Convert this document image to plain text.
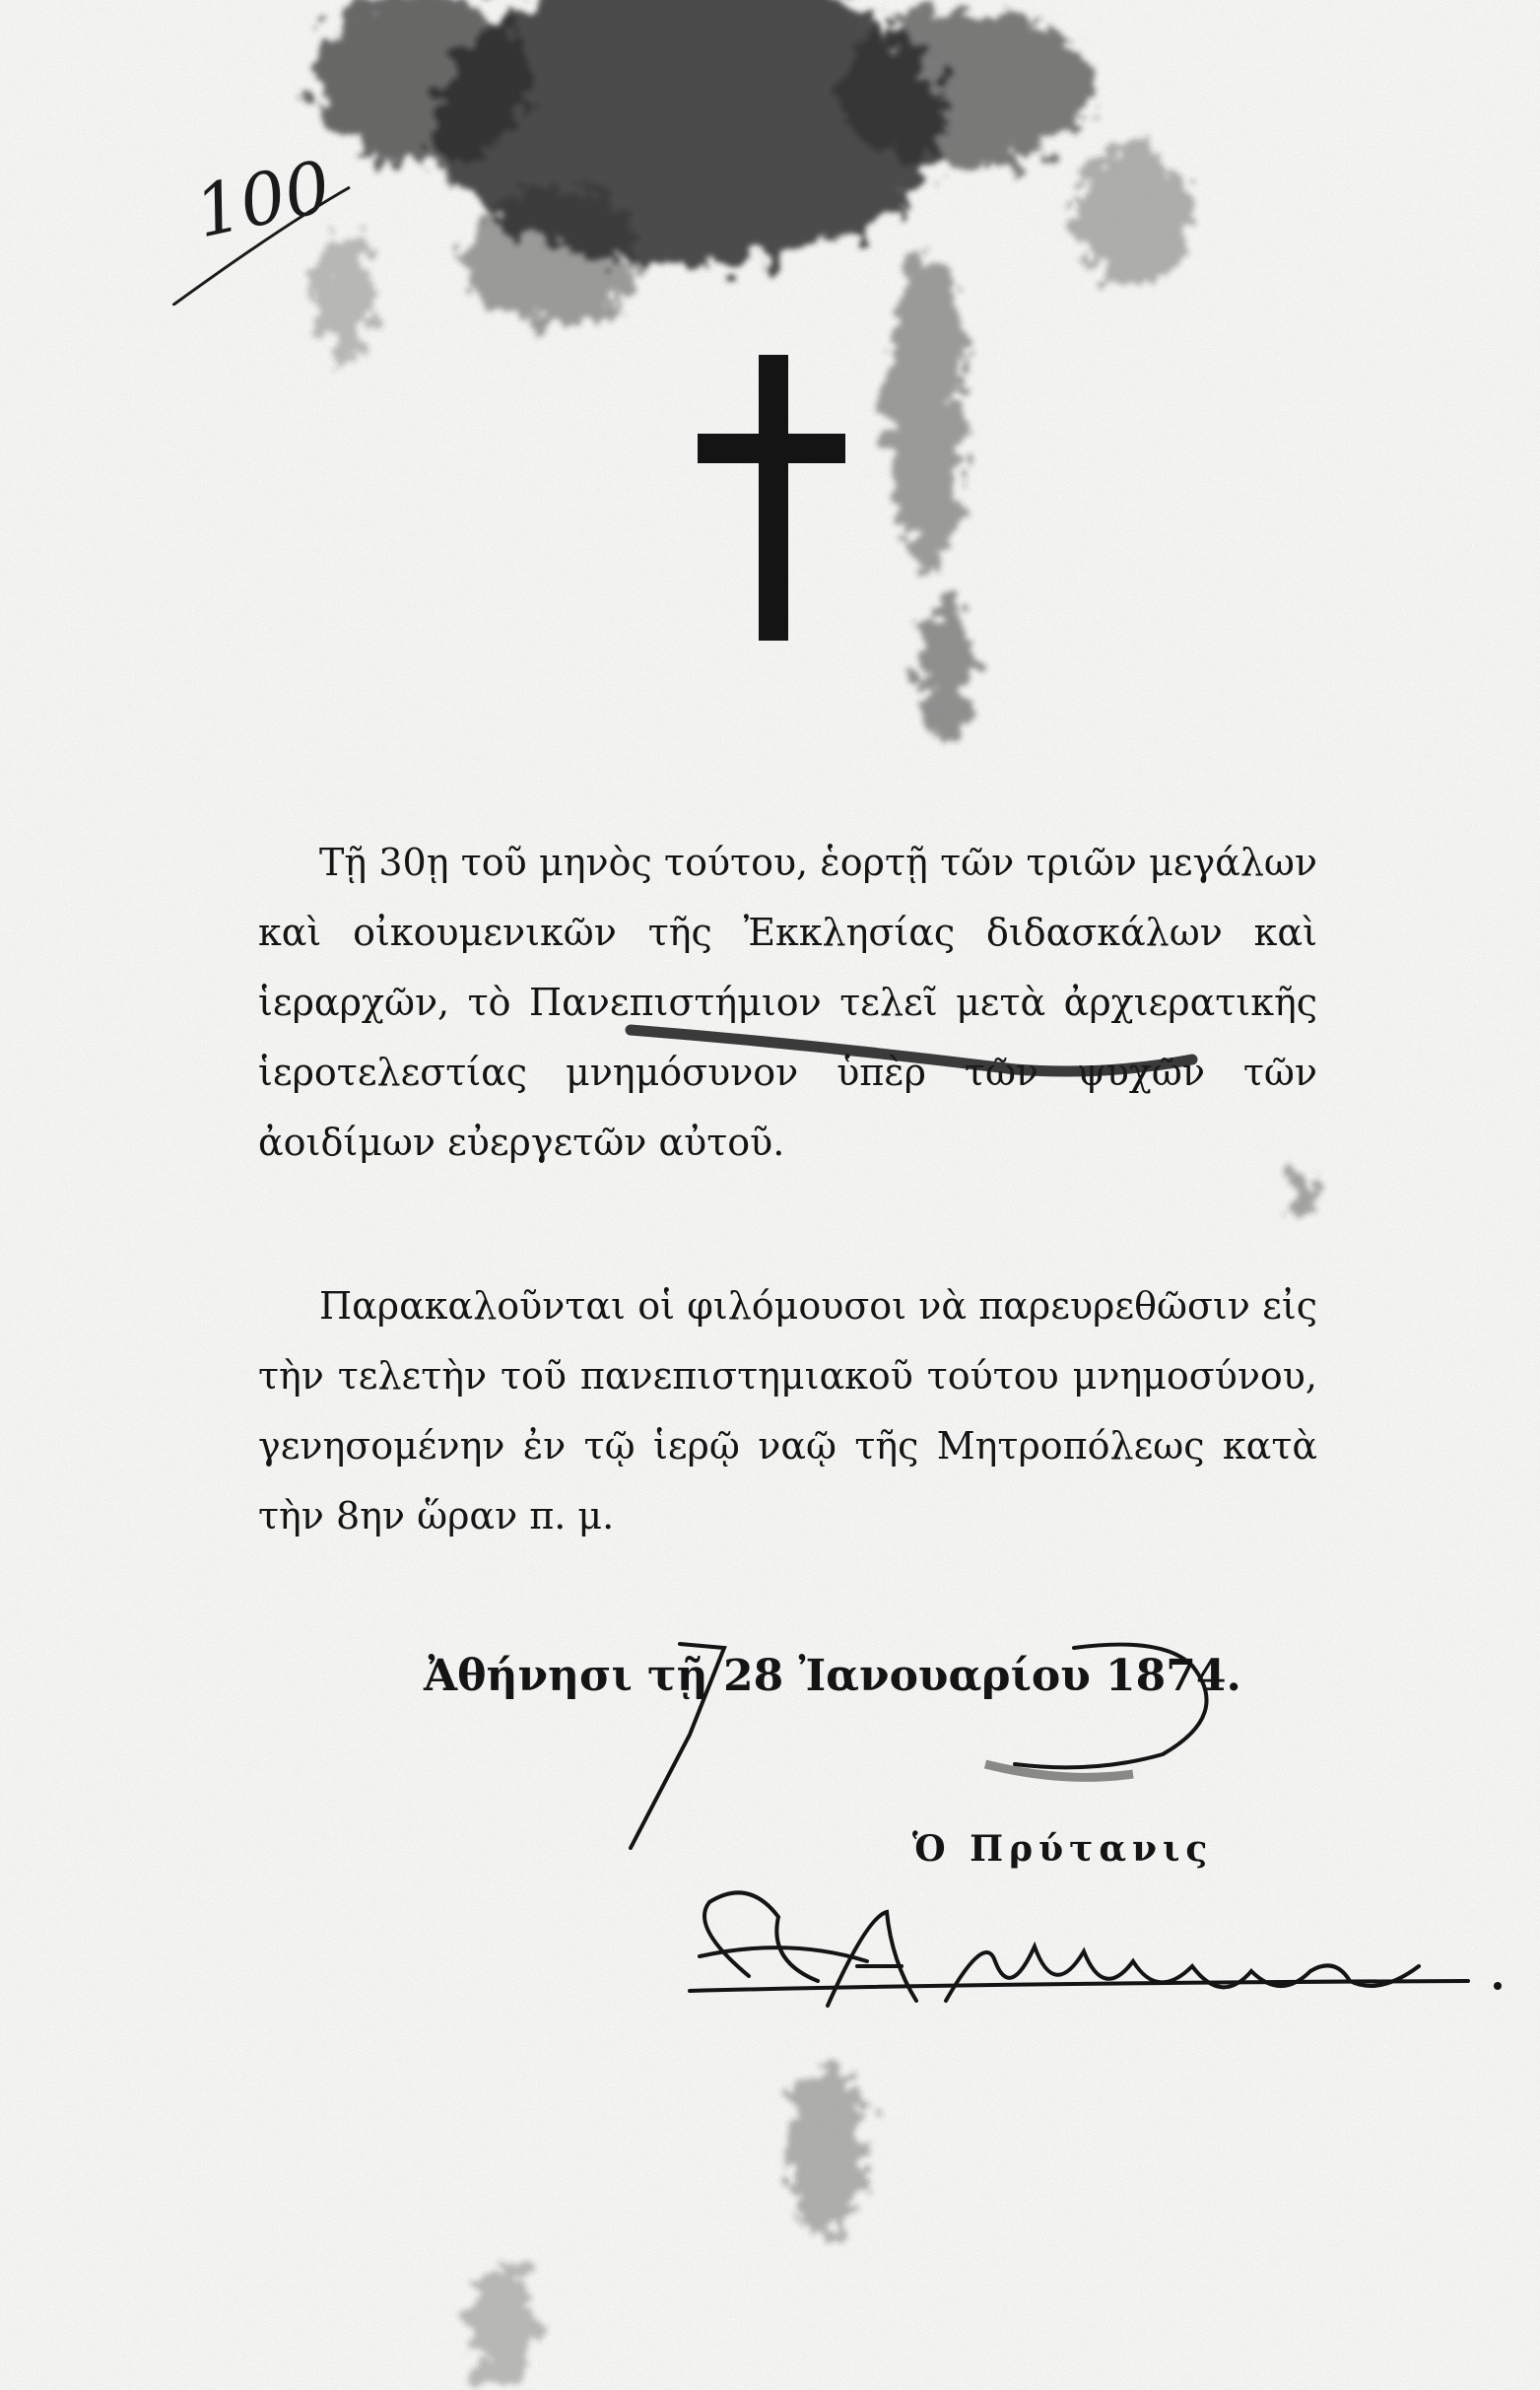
100

Τῇ 30ῃ τοῦ μηνὸς τούτου, ἑορτῇ τῶν τριῶν μεγάλων καὶ οἰκουμενικῶν τῆς Ἐκκλησίας διδασκάλων καὶ ἱεραρχῶν, τὸ Πανεπιστήμιον τελεῖ μετὰ ἀρχιερατικῆς ἱεροτελεστίας μνημόσυνον ὑπὲρ τῶν ψυχῶν τῶν ἀοιδίμων εὐεργετῶν αὐτοῦ.

Παρακαλοῦνται οἱ φιλόμουσοι νὰ παρευρεθῶσιν εἰς τὴν τελετὴν τοῦ πανεπιστημιακοῦ τούτου μνημοσύνου, γενησομένην ἐν τῷ ἱερῷ ναῷ τῆς Μητροπόλεως κατὰ τὴν 8ην ὥραν π. μ.

Ἀθήνησι τῇ 28 Ἰανουαρίου 1874.
Ὁ Πρύτανις
